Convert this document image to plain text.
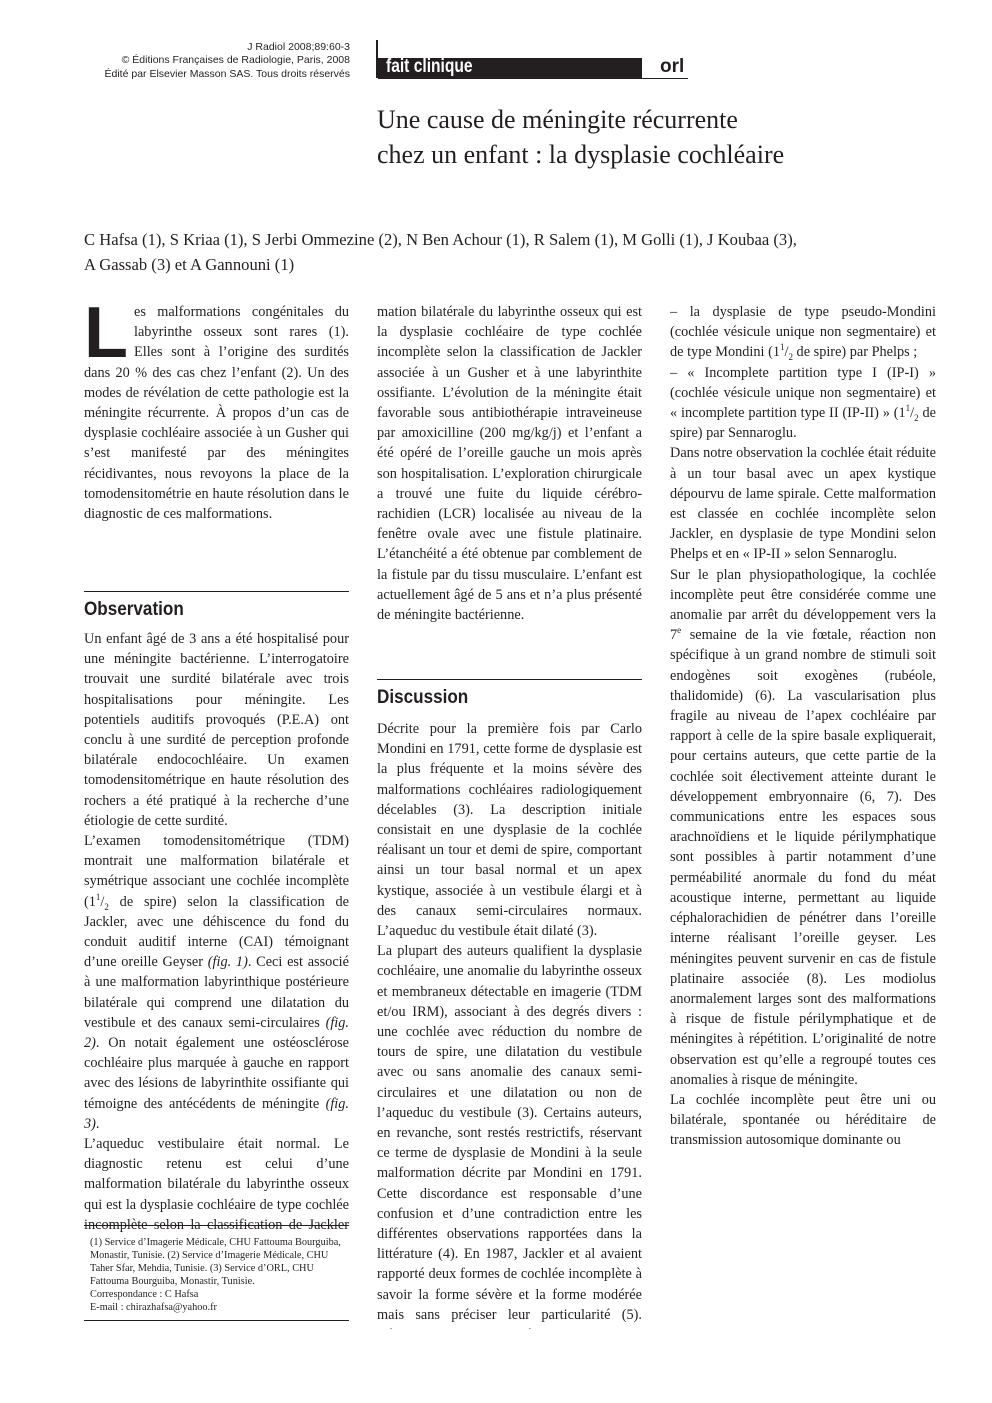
J Radiol 2008;89:60-3
© Éditions Françaises de Radiologie, Paris, 2008
Édité par Elsevier Masson SAS. Tous droits réservés fait clinique	orl
Une cause de méningite récurrente
chez un enfant : la dysplasie cochléaire
C Hafsa (1), S Kriaa (1), S Jerbi Ommezine (2), N Ben Achour (1), R Salem (1), M Golli (1), J Koubaa (3),
A Gassab (3) et A Gannouni (1)

Les malformations congénitales du labyrinthe osseux sont rares (1). Elles sont à l’origine des surdités dans 20 % des cas chez l’enfant (2). Un des modes de révélation de cette pathologie est la méningite récurrente. À propos d’un cas de dysplasie cochléaire associée à un Gusher qui s’est manifesté par des méningites récidivantes, nous revoyons la place de la tomodensitométrie en haute résolution dans le diagnostic de ces malformations.

Observation

Un enfant âgé de 3 ans a été hospitalisé pour une méningite bactérienne. L’interrogatoire trouvait une surdité bilatérale avec trois hospitalisations pour méningite. Les potentiels auditifs provoqués (P.E.A) ont conclu à une surdité de perception profonde bilatérale endocochléaire. Un examen tomodensitométrique en haute résolution des rochers a été pratiqué à la recherche d’une étiologie de cette surdité.

L’examen tomodensitométrique (TDM) montrait une malformation bilatérale et symétrique associant une cochlée incomplète ($1^1/_2$ de spire) selon la classification de Jackler, avec une déhiscence du fond du conduit auditif interne (CAI) témoignant d’une oreille Geyser (fig. 1). Ceci est associé à une malformation labyrinthique postérieure bilatérale qui comprend une dilatation du vestibule et des canaux semi-circulaires (fig. 2). On notait également une ostéosclérose cochléaire plus marquée à gauche en rapport avec des lésions de labyrinthite ossifiante qui témoigne des antécédents de méningite (fig. 3).

L’aqueduc vestibulaire était normal. Le diagnostic retenu est celui d’une malformation bilatérale du labyrinthe osseux qui est la dysplasie cochléaire de type cochlée incomplète selon la classification de Jackler

(1) Service d’Imagerie Médicale, CHU Fattouma Bourguiba, Monastir, Tunisie. (2) Service d’Imagerie Médicale, CHU Taher Sfar, Mehdia, Tunisie. (3) Service d’ORL, CHU Fattouma Bourguiba, Monastir, Tunisie.

Correspondance : C Hafsa

E-mail : chirazhafsa@yahoo.fr

mation bilatérale du labyrinthe osseux qui est la dysplasie cochléaire de type cochlée incomplète selon la classification de Jackler associée à un Gusher et à une labyrinthite ossifiante. L’évolution de la méningite était favorable sous antibiothérapie intraveineuse par amoxicilline (200 mg/kg/j) et l’enfant a été opéré de l’oreille gauche un mois après son hospitalisation. L’exploration chirurgicale a trouvé une fuite du liquide cérébro-rachidien (LCR) localisée au niveau de la fenêtre ovale avec une fistule platinaire. L’étanchéité a été obtenue par comblement de la fistule par du tissu musculaire. L’enfant est actuellement âgé de 5 ans et n’a plus présenté de méningite bactérienne.

Discussion

Décrite pour la première fois par Carlo Mondini en 1791, cette forme de dysplasie est la plus fréquente et la moins sévère des malformations cochléaires radiologiquement décelables (3). La description initiale consistait en une dysplasie de la cochlée réalisant un tour et demi de spire, comportant ainsi un tour basal normal et un apex kystique, associée à un vestibule élargi et à des canaux semi-circulaires normaux. L’aqueduc du vestibule était dilaté (3).

La plupart des auteurs qualifient la dysplasie cochléaire, une anomalie du labyrinthe osseux et membraneux détectable en imagerie (TDM et/ou IRM), associant à des degrés divers : une cochlée avec réduction du nombre de tours de spire, une dilatation du vestibule avec ou sans anomalie des canaux semi-circulaires et une dilatation ou non de l’aqueduc du vestibule (3). Certains auteurs, en revanche, sont restés restrictifs, réservant ce terme de dysplasie de Mondini à la seule malformation décrite par Mondini en 1791. Cette discordance est responsable d’une confusion et d’une contradiction entre les différentes observations rapportées dans la littérature (4). En 1987, Jackler et al avaient rapporté deux formes de cochlée incomplète à savoir la forme sévère et la forme modérée mais sans préciser leur particularité (5).

– la dysplasie de type pseudo-Mondini (cochlée vésicule unique non segmentaire) et de type Mondini ($1^1/_2$ de spire) par Phelps ;

– « Incomplete partition type I (IP-I) » (cochlée vésicule unique non segmentaire) et « incomplete partition type II (IP-II) » ($1^1/_2$ de spire) par Sennaroglu.

Dans notre observation la cochlée était réduite à un tour basal avec un apex kystique dépourvu de lame spirale. Cette malformation est classée en cochlée incomplète selon Jackler, en dysplasie de type Mondini selon Phelps et en « IP-II » selon Sennaroglu.

Sur le plan physiopathologique, la cochlée incomplète peut être considérée comme une anomalie par arrêt du développement vers la 7e semaine de la vie fœtale, réaction non spécifique à un grand nombre de stimuli soit endogènes soit exogènes (rubéole, thalidomide) (6). La vascularisation plus fragile au niveau de l’apex cochléaire par rapport à celle de la spire basale expliquerait, pour certains auteurs, que cette partie de la cochlée soit électivement atteinte durant le développement embryonnaire (6, 7). Des communications entre les espaces sous arachnoïdiens et le liquide périlymphatique sont possibles à partir notamment d’une perméabilité anormale du fond du méat acoustique interne, permettant au liquide céphalorachidien de pénétrer dans l’oreille interne réalisant l’oreille geyser. Les méningites peuvent survenir en cas de fistule platinaire associée (8). Les modiolus anormalement larges sont des malformations à risque de fistule périlymphatique et de méningites à répétition. L’originalité de notre observation est qu’elle a regroupé toutes ces anomalies à risque de méningite.

La cochlée incomplète peut être uni ou bilatérale, spontanée ou héréditaire de transmission autosomique dominante ou
